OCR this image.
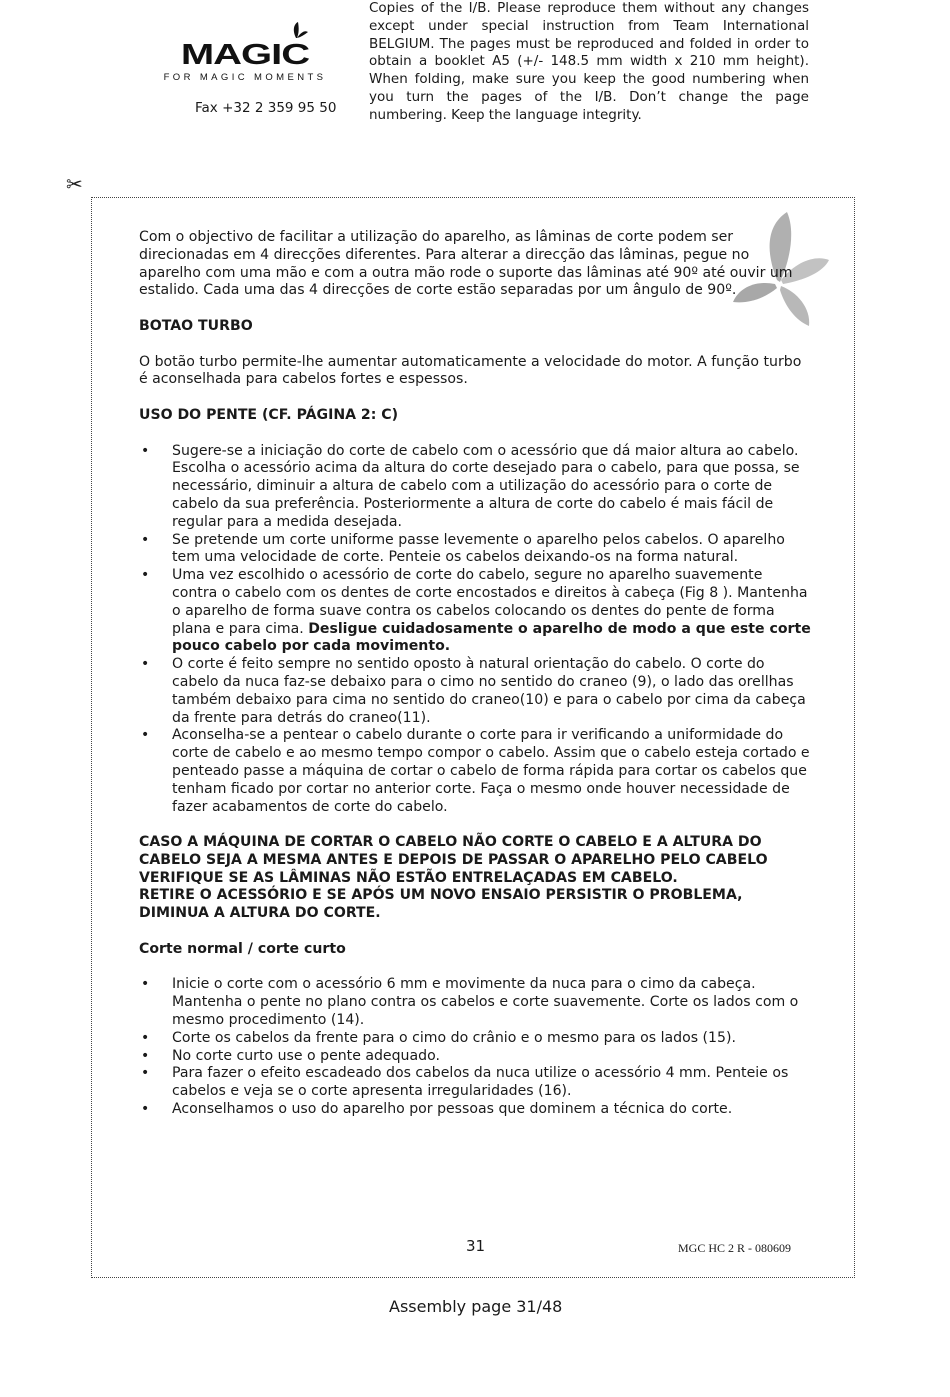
MAGIC
FOR MAGIC MOMENTS
Fax +32 2 359 95 50
Copies of the I/B. Please reproduce them without any changes except under special instruction from Team International BELGIUM. The pages must be reproduced and folded in order to obtain a booklet A5 (+/- 148.5 mm width x 210 mm height). When folding, make sure you keep the good numbering when you turn the pages of the I/B. Don’t change the page numbering. Keep the language integrity.
✂

Com o objectivo de facilitar a utilização do aparelho, as lâminas de corte podem ser direcionadas em 4 direcções diferentes. Para alterar a direcção das lâminas, pegue no aparelho com uma mão e com a outra mão rode o suporte das lâminas até 90º até ouvir um estalido. Cada uma das 4 direcções de corte estão separadas por um ângulo de 90º.

BOTAO TURBO

O botão turbo permite-lhe aumentar automaticamente a velocidade do motor. A função turbo é aconselhada para cabelos fortes e espessos.

USO DO PENTE (CF. PÁGINA 2: C)

• Sugere-se a iniciação do corte de cabelo com o acessório que dá maior altura ao cabelo. Escolha o acessório acima da altura do corte desejado para o cabelo, para que possa, se necessário, diminuir a altura de cabelo com a utilização do acessório para o corte de cabelo da sua preferência. Posteriormente a altura de corte do cabelo é mais fácil de regular para a medida desejada.
• Se pretende um corte uniforme passe levemente o aparelho pelos cabelos. O aparelho tem uma velocidade de corte. Penteie os cabelos deixando-os na forma natural.
• Uma vez escolhido o acessório de corte do cabelo, segure no aparelho suavemente contra o cabelo com os dentes de corte encostados e direitos à cabeça (Fig 8 ). Mantenha o aparelho de forma suave contra os cabelos colocando os dentes do pente de forma plana e para cima. Desligue cuidadosamente o aparelho de modo a que este corte pouco cabelo por cada movimento.
• O corte é feito sempre no sentido oposto à natural orientação do cabelo. O corte do cabelo da nuca faz-se debaixo para o cimo no sentido do craneo (9), o lado das orellhas também debaixo para cima no sentido do craneo(10) e para o cabelo por cima da cabeça da frente para detrás do craneo(11).
• Aconselha-se a pentear o cabelo durante o corte para ir verificando a uniformidade do corte de cabelo e ao mesmo tempo compor o cabelo. Assim que o cabelo esteja cortado e penteado passe a máquina de cortar o cabelo de forma rápida para cortar os cabelos que tenham ficado por cortar no anterior corte. Faça o mesmo onde houver necessidade de fazer acabamentos de corte do cabelo.
CASO A MÁQUINA DE CORTAR O CABELO NÃO CORTE O CABELO E A ALTURA DO CABELO SEJA A MESMA ANTES E DEPOIS DE PASSAR O APARELHO PELO CABELO VERIFIQUE SE AS LÂMINAS NÃO ESTÃO ENTRELAÇADAS EM CABELO.

RETIRE O ACESSÓRIO E SE APÓS UM NOVO ENSAIO PERSISTIR O PROBLEMA, DIMINUA A ALTURA DO CORTE.

Corte normal / corte curto

• Inicie o corte com o acessório 6 mm e movimente da nuca para o cimo da cabeça. Mantenha o pente no plano contra os cabelos e corte suavemente. Corte os lados com o mesmo procedimento (14).
• Corte os cabelos da frente para o cimo do crânio e o mesmo para os lados (15).
• No corte curto use o pente adequado.
• Para fazer o efeito escadeado dos cabelos da nuca utilize o acessório 4 mm. Penteie os cabelos e veja se o corte apresenta irregularidades (16).
• Aconselhamos o uso do aparelho por pessoas que dominem a técnica do corte.
31	MGC HC 2 R - 080609
Assembly page 31/48
